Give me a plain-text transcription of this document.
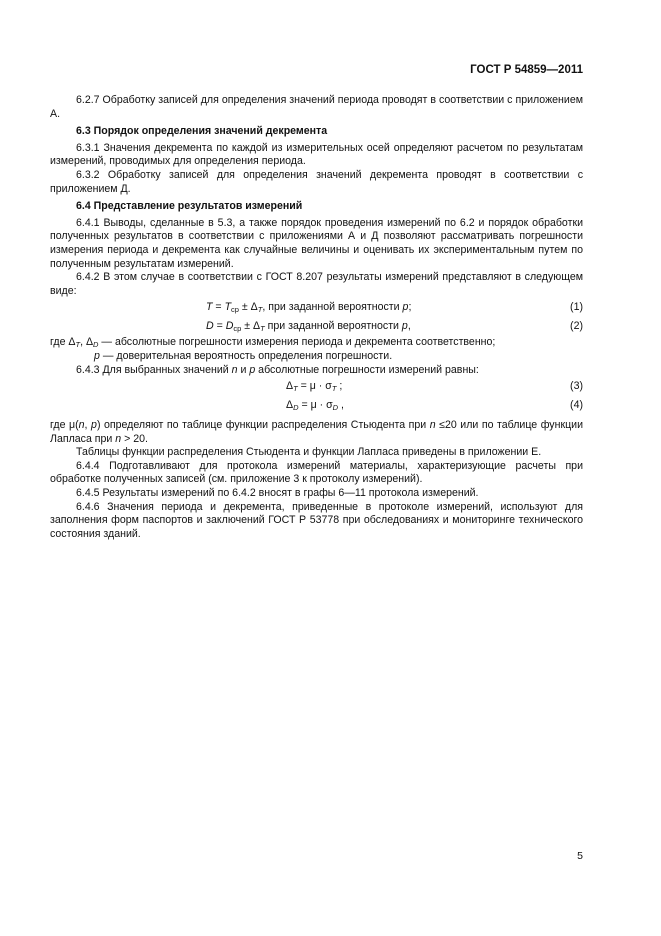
ГОСТ Р 54859—2011

6.2.7 Обработку записей для определения значений периода проводят в соответствии с приложением А.

6.3 Порядок определения значений декремента

6.3.1 Значения декремента по каждой из измерительных осей определяют расчетом по результатам измерений, проводимых для определения периода.

6.3.2 Обработку записей для определения значений декремента проводят в соответствии с приложением Д.

6.4 Представление результатов измерений

6.4.1 Выводы, сделанные в 5.3, а также порядок проведения измерений по 6.2 и порядок обработки полученных результатов в соответствии с приложениями А и Д позволяют рассматривать погрешности измерения периода и декремента как случайные величины и оценивать их экспериментальным путем по полученным результатам измерений.

6.4.2 В этом случае в соответствии с ГОСТ 8.207 результаты измерений представляют в следующем виде:

$T = T_{ср} \pm \Delta_T$, при заданной вероятности p;	(1)
$D = D_{ср} \pm \Delta_T$ при заданной вероятности p,	(2)

где $\Delta_T$, $\Delta_D$ — абсолютные погрешности измерения периода и декремента соответственно;

p — доверительная вероятность определения погрешности.

6.4.3 Для выбранных значений n и p абсолютные погрешности измерений равны:

$\Delta_T = \mu \cdot \sigma_T$ ;	(3)
$\Delta_D = \mu \cdot \sigma_D$ ,	(4)

где μ(n, p) определяют по таблице функции распределения Стьюдента при n ≤20 или по таблице функции Лапласа при n > 20.

Таблицы функции распределения Стьюдента и функции Лапласа приведены в приложении Е.

6.4.4 Подготавливают для протокола измерений материалы, характеризующие расчеты при обработке полученных записей (см. приложение 3 к протоколу измерений).

6.4.5 Результаты измерений по 6.4.2 вносят в графы 6—11 протокола измерений.

6.4.6 Значения периода и декремента, приведенные в протоколе измерений, используют для заполнения форм паспортов и заключений ГОСТ Р 53778 при обследованиях и мониторинге технического состояния зданий.

5
